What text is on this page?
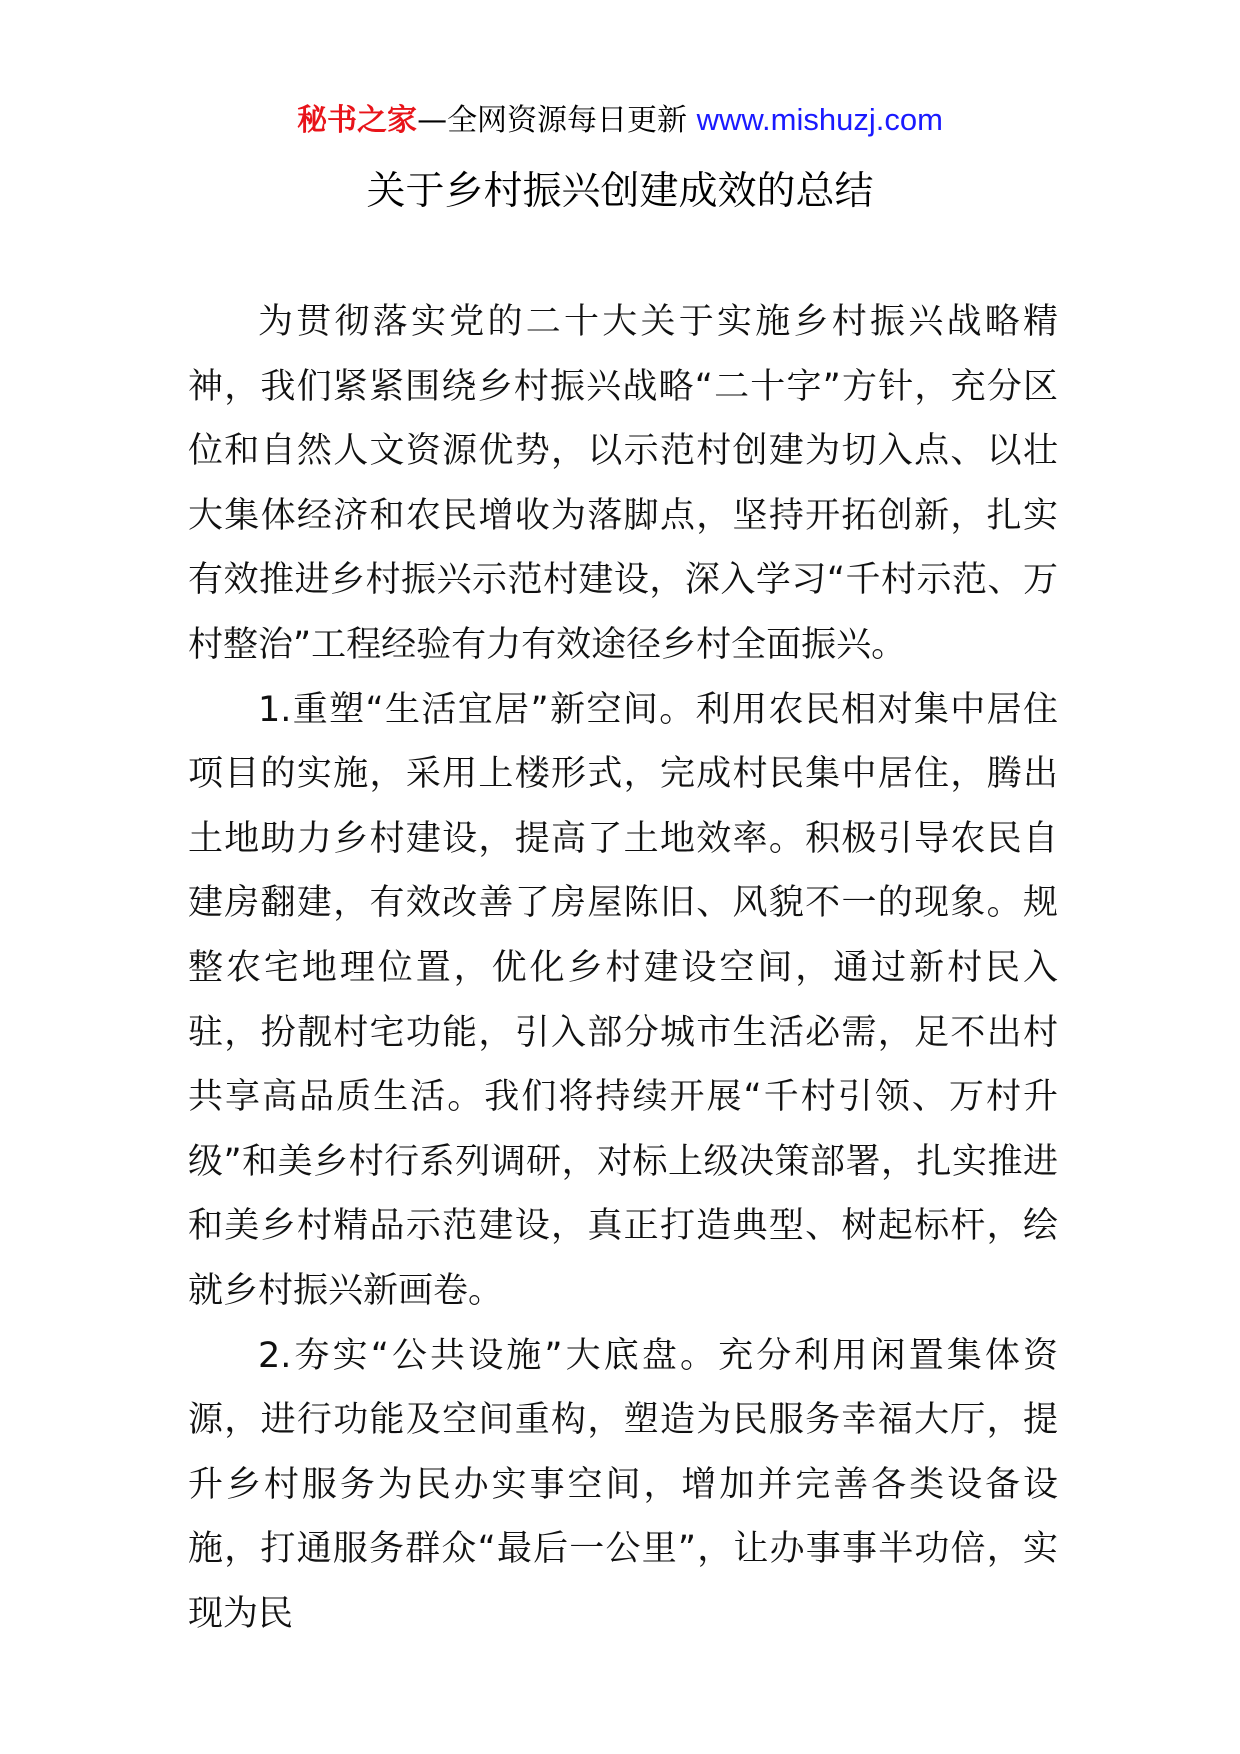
秘书之家—全网资源每日更新 www.mishuzj.com
关于乡村振兴创建成效的总结

为贯彻落实党的二十大关于实施乡村振兴战略精神，我们紧紧围绕乡村振兴战略“二十字”方针，充分区位和自然人文资源优势，以示范村创建为切入点、以壮大集体经济和农民增收为落脚点，坚持开拓创新，扎实有效推进乡村振兴示范村建设，深入学习“千村示范、万村整治”工程经验有力有效途径乡村全面振兴。

1.重塑“生活宜居”新空间。利用农民相对集中居住项目的实施，采用上楼形式，完成村民集中居住，腾出土地助力乡村建设，提高了土地效率。积极引导农民自建房翻建，有效改善了房屋陈旧、风貌不一的现象。规整农宅地理位置，优化乡村建设空间，通过新村民入驻，扮靓村宅功能，引入部分城市生活必需，足不出村共享高品质生活。我们将持续开展“千村引领、万村升级”和美乡村行系列调研，对标上级决策部署，扎实推进和美乡村精品示范建设，真正打造典型、树起标杆，绘就乡村振兴新画卷。

2.夯实“公共设施”大底盘。充分利用闲置集体资源，进行功能及空间重构，塑造为民服务幸福大厅，提升乡村服务为民办实事空间，增加并完善各类设备设施，打通服务群众“最后一公里”，让办事事半功倍，实现为民
